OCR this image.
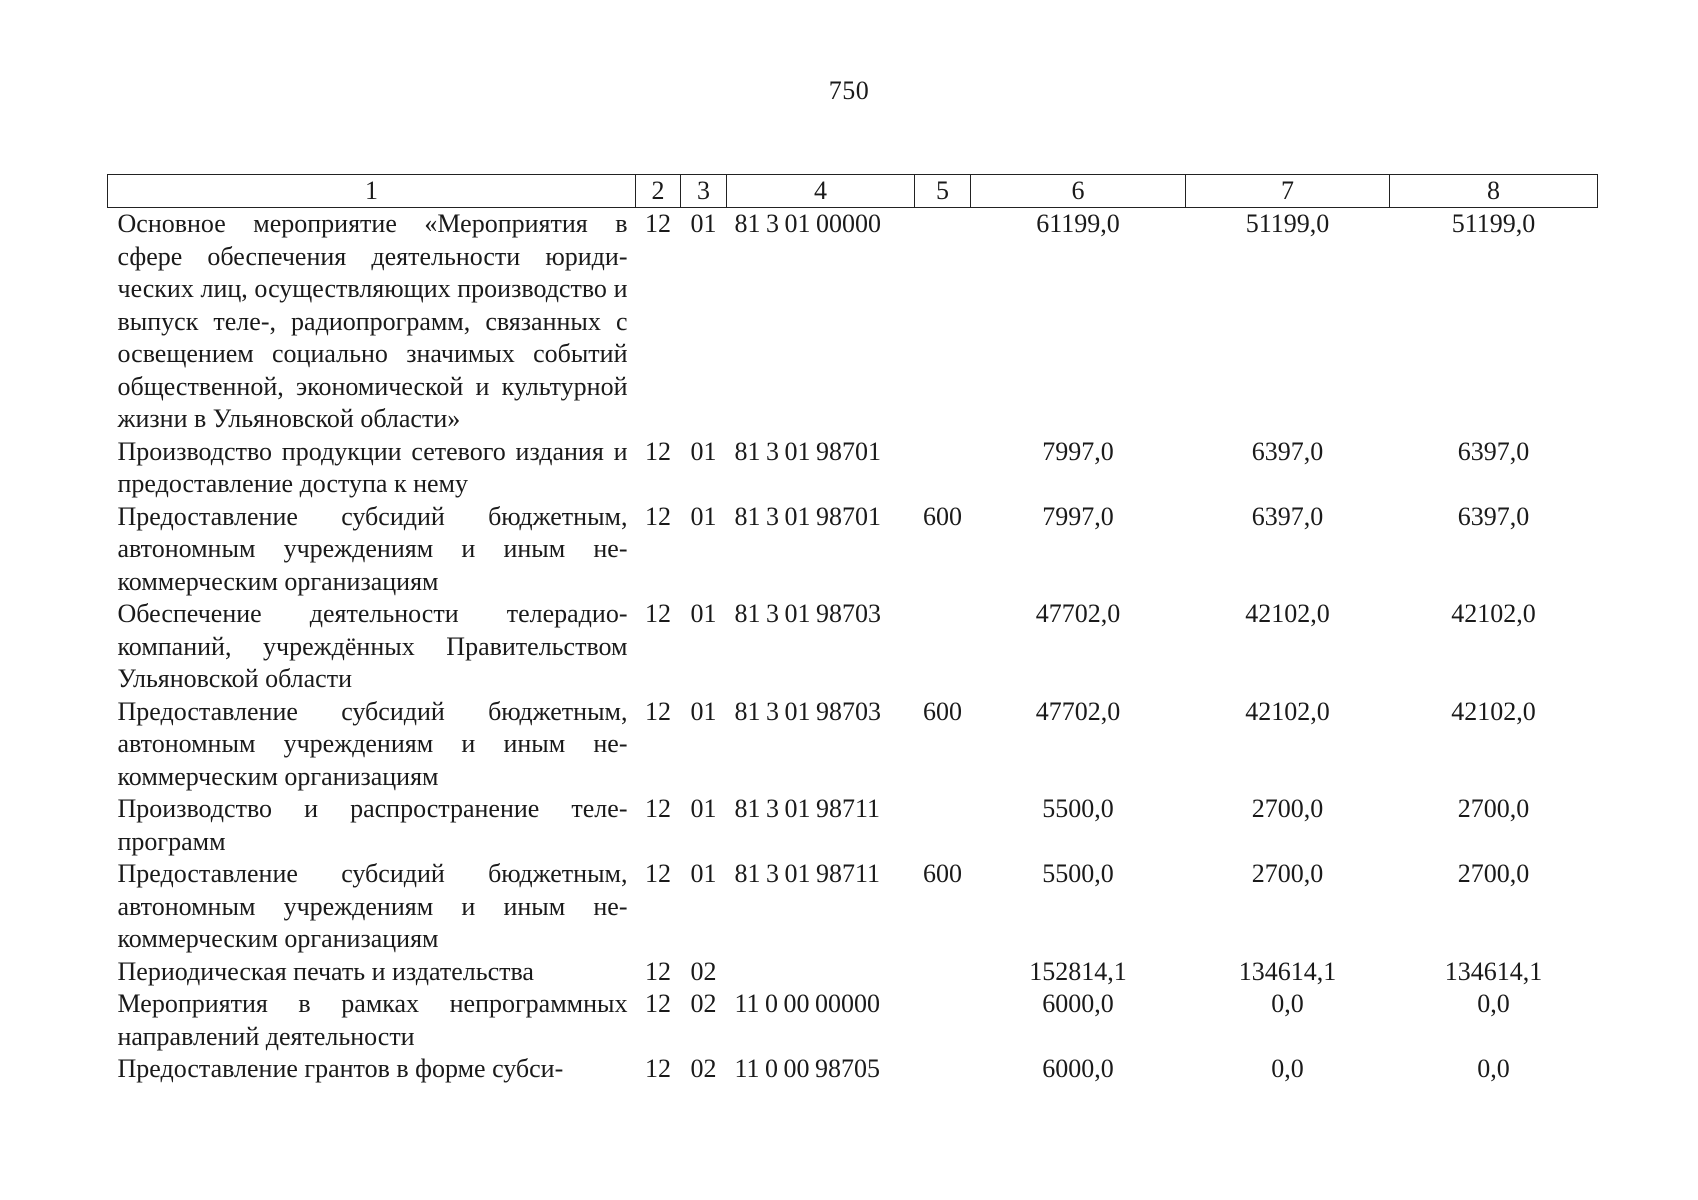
750
1	2	3	4	5	6	7	8
Основное мероприятие «Мероприятия в сфере обеспечения деятельности юридических лиц, осуществляющих производство и выпуск теле-, радиопрограмм, связанных с освещением социально значимых событий общественной, экономической и культурной жизни в Ульяновской области»	12	01	81 3 01 00000		61199,0	51199,0	51199,0
Производство продукции сетевого издания и предоставление доступа к нему	12	01	81 3 01 98701		7997,0	6397,0	6397,0
Предоставление субсидий бюджетным, автономным учреждениям и иным некоммерческим организациям	12	01	81 3 01 98701	600	7997,0	6397,0	6397,0
Обеспечение деятельности телерадиокомпаний, учреждённых Правительством Ульяновской области	12	01	81 3 01 98703		47702,0	42102,0	42102,0
Предоставление субсидий бюджетным, автономным учреждениям и иным некоммерческим организациям	12	01	81 3 01 98703	600	47702,0	42102,0	42102,0
Производство и распространение телепрограмм	12	01	81 3 01 98711		5500,0	2700,0	2700,0
Предоставление субсидий бюджетным, автономным учреждениям и иным некоммерческим организациям	12	01	81 3 01 98711	600	5500,0	2700,0	2700,0
Периодическая печать и издательства	12	02			152814,1	134614,1	134614,1
Мероприятия в рамках непрограммных направлений деятельности	12	02	11 0 00 00000		6000,0	0,0	0,0
Предоставление грантов в форме субси-	12	02	11 0 00 98705		6000,0	0,0	0,0
